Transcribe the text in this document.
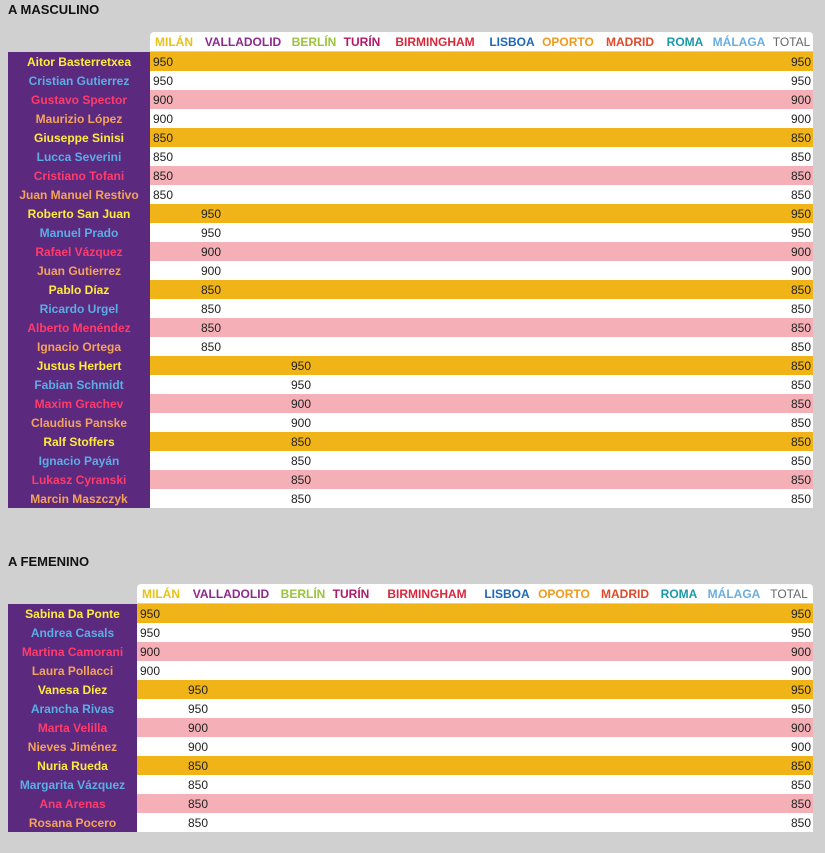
A MASCULINO
	MILÁN	VALLADOLID	BERLÍN	TURÍN	BIRMINGHAM	LISBOA	OPORTO	MADRID	ROMA	MÁLAGA	TOTAL

Aitor Basterretxea	950										950
Cristian Gutierrez	950										950
Gustavo Spector	900										900
Maurizio López	900										900
Giuseppe Sinisi	850										850
Lucca Severini	850										850
Cristiano Tofani	850										850
Juan Manuel Restivo	850										850
Roberto San Juan		950									950
Manuel Prado		950									950
Rafael Vázquez		900									900
Juan Gutierrez		900									900
Pablo Díaz		850									850
Ricardo Urgel		850									850
Alberto Menéndez		850									850
Ignacio Ortega		850									850
Justus Herbert			950								850
Fabian Schmidt			950								850
Maxim Grachev			900								850
Claudius Panske			900								850
Ralf Stoffers			850								850
Ignacio Payán			850								850
Lukasz Cyranski			850								850
Marcin Maszczyk			850								850
A FEMENINO
	MILÁN	VALLADOLID	BERLÍN	TURÍN	BIRMINGHAM	LISBOA	OPORTO	MADRID	ROMA	MÁLAGA	TOTAL

Sabina Da Ponte	950										950
Andrea Casals	950										950
Martina Camorani	900										900
Laura Pollacci	900										900
Vanesa Díez		950									950
Arancha Rivas		950									950
Marta Velilla		900									900
Nieves Jiménez		900									900
Nuria Rueda		850									850
Margarita Vázquez		850									850
Ana Arenas		850									850
Rosana Pocero		850									850
